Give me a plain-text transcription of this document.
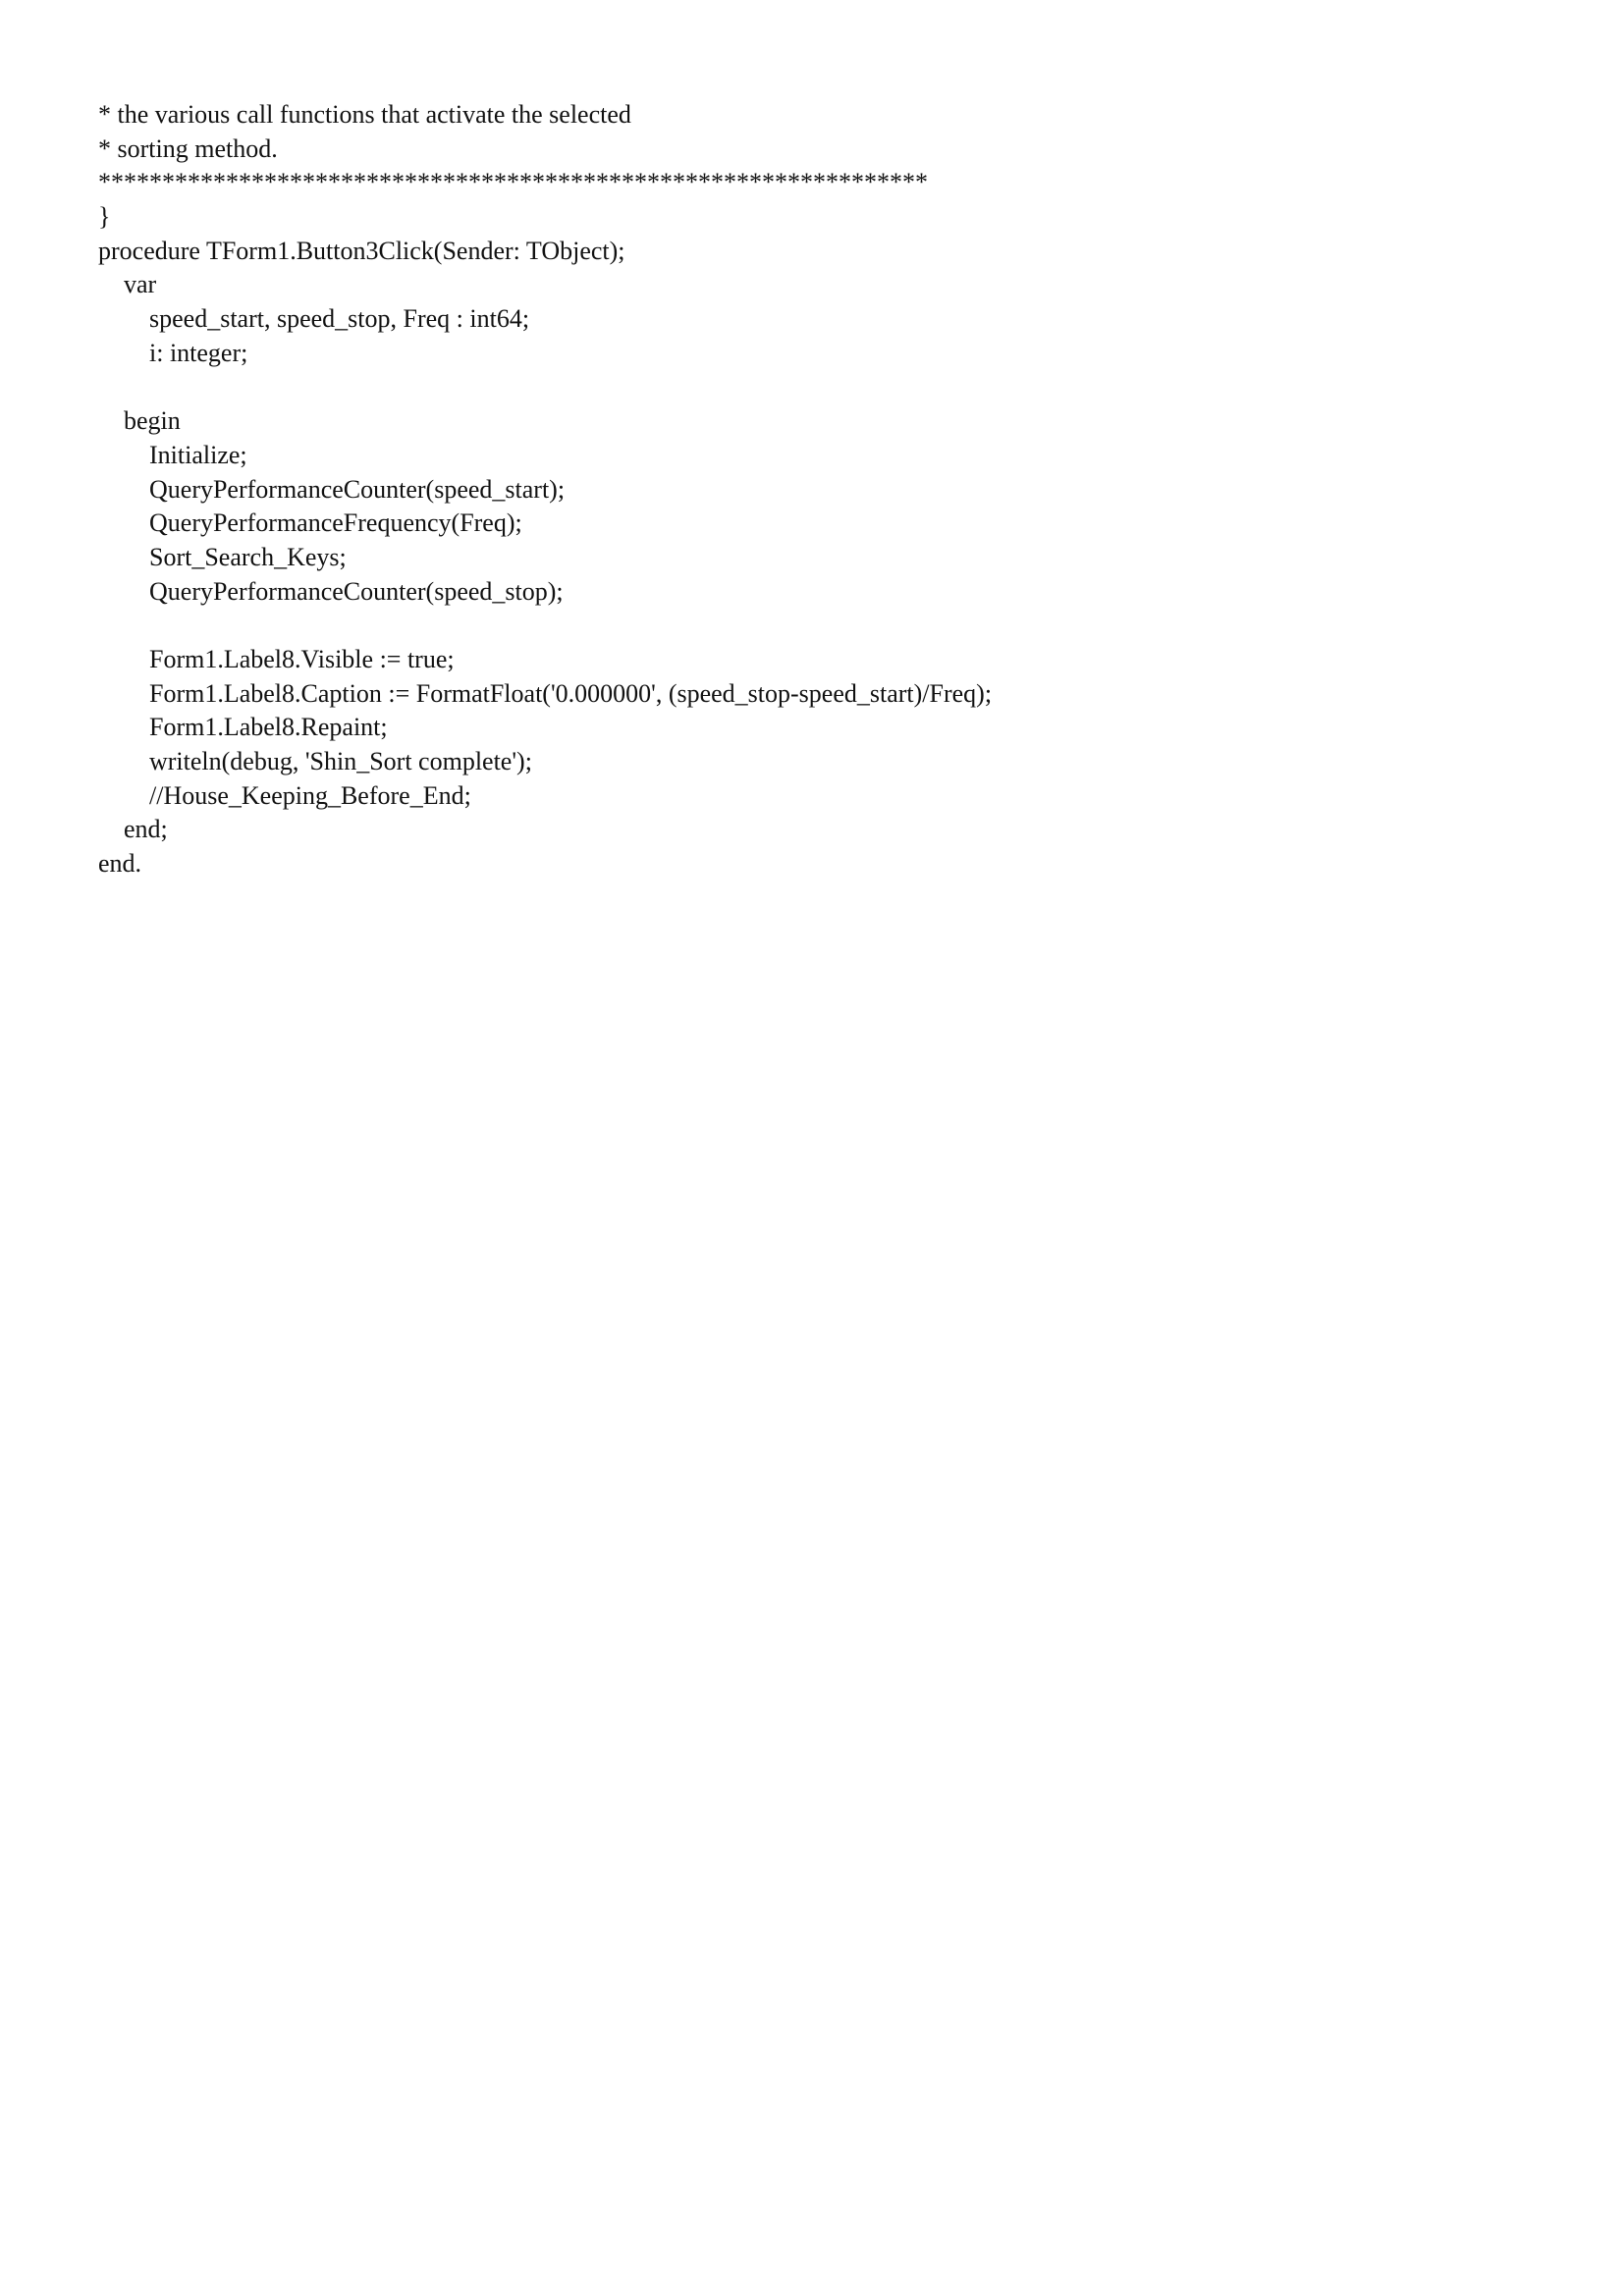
* the various call functions that activate the selected
* sorting method.
*****************************************************************
}
procedure TForm1.Button3Click(Sender: TObject);
var
speed_start, speed_stop, Freq : int64;
i: integer;
begin
Initialize;
QueryPerformanceCounter(speed_start);
QueryPerformanceFrequency(Freq);
Sort_Search_Keys;
QueryPerformanceCounter(speed_stop);
Form1.Label8.Visible := true;
Form1.Label8.Caption := FormatFloat('0.000000', (speed_stop-speed_start)/Freq);
Form1.Label8.Repaint;
writeln(debug, 'Shin_Sort complete');
//House_Keeping_Before_End;
end;
end.
